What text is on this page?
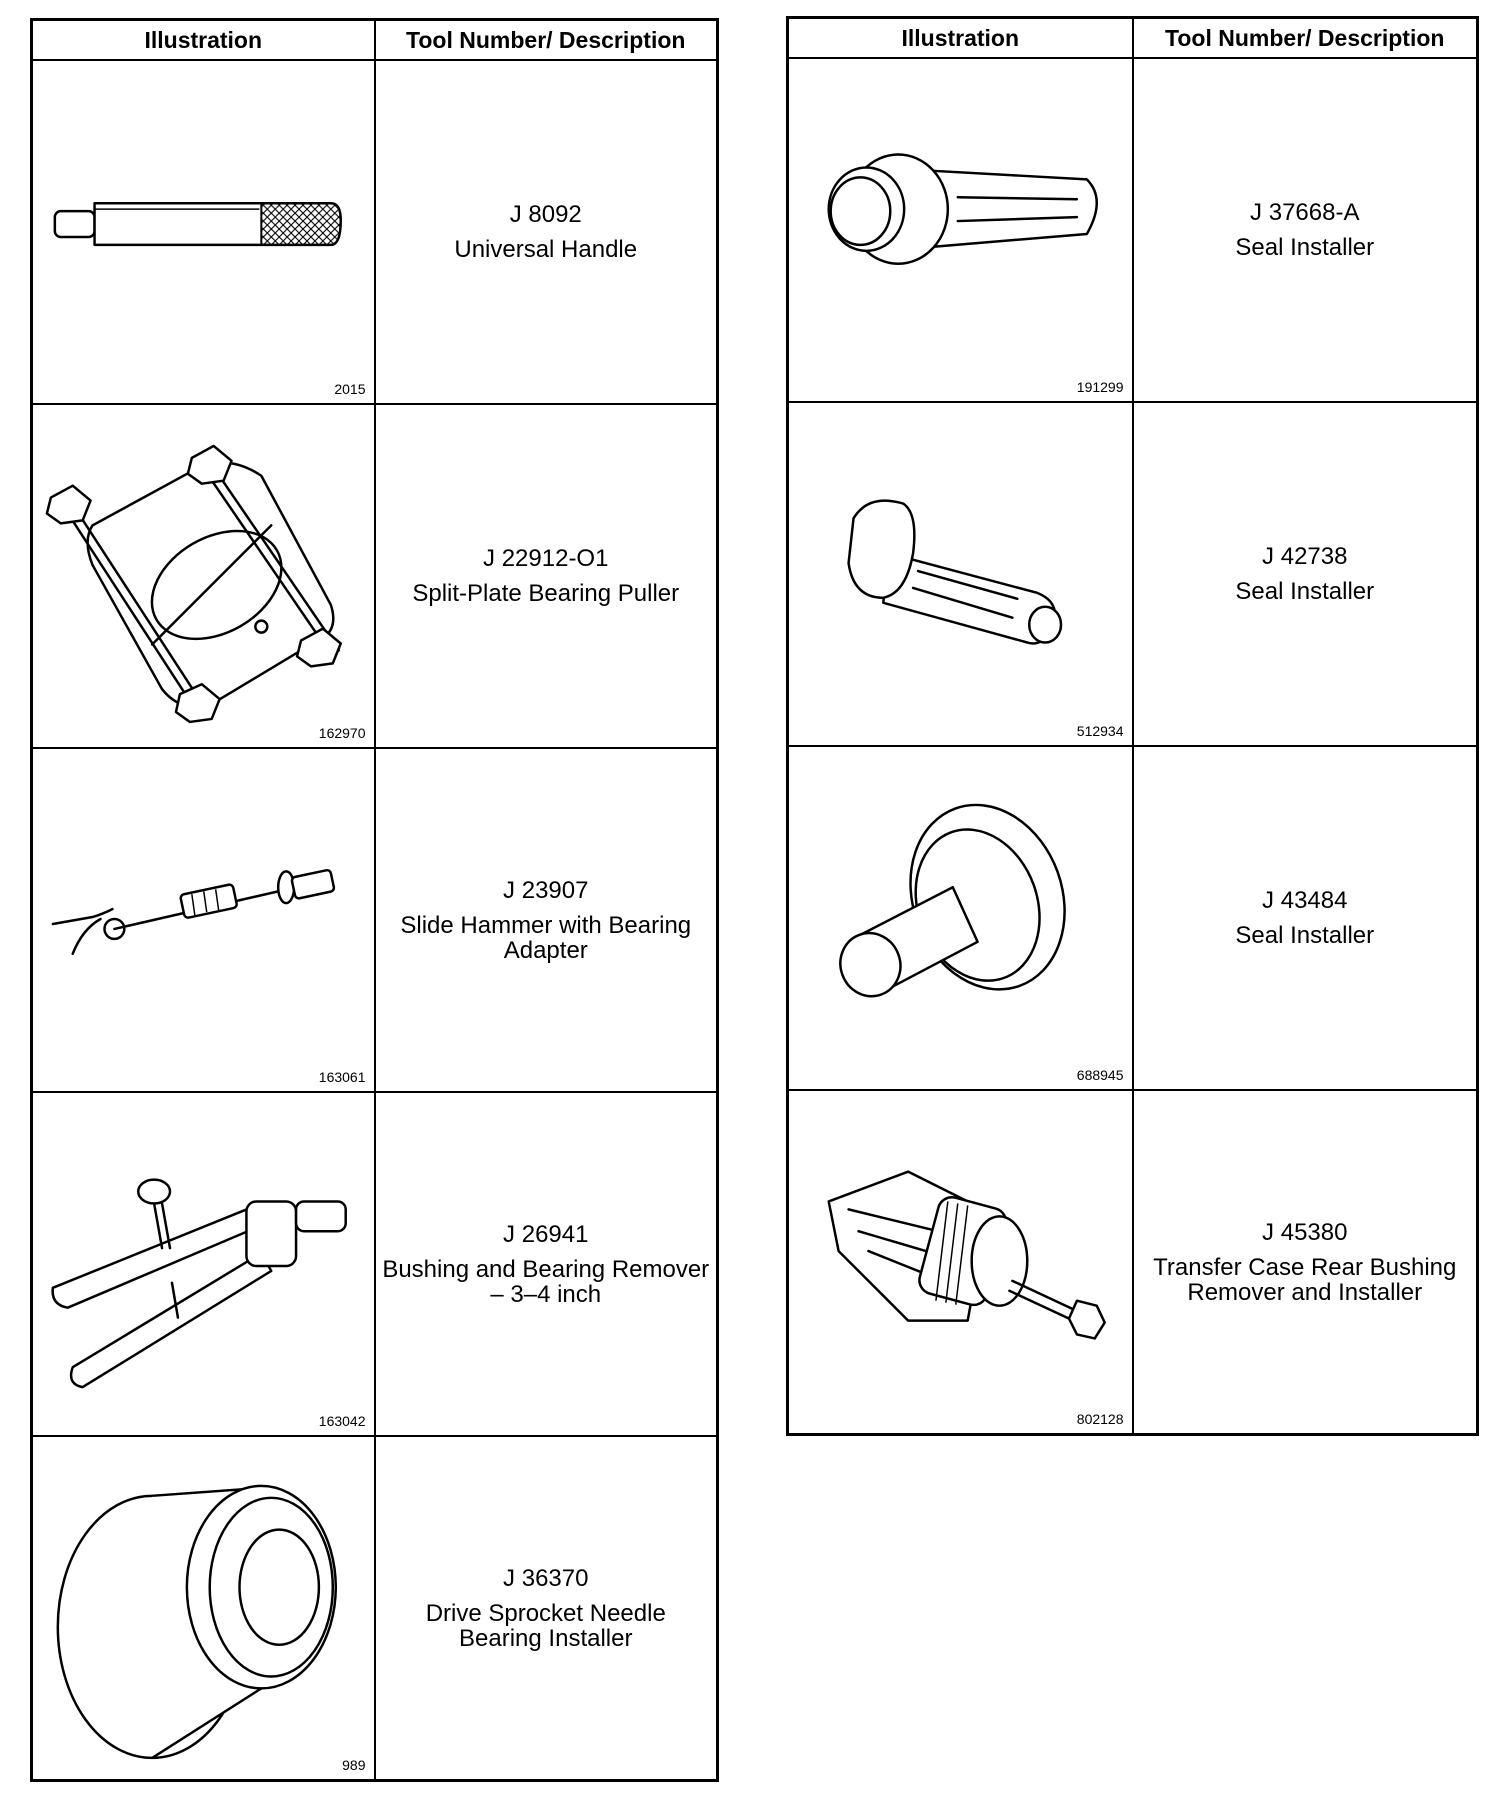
Illustration	Tool Number/ Description

2015	J 8092
Universal Handle

162970	J 22912-O1
Split-Plate Bearing Puller

163061	J 23907
Slide Hammer with Bearing Adapter

163042	J 26941
Bushing and Bearing Remover – 3–4 inch

989	J 36370
Drive Sprocket Needle Bearing Installer
Illustration	Tool Number/ Description

191299	J 37668-A
Seal Installer

512934	J 42738
Seal Installer

688945	J 43484
Seal Installer

802128	J 45380
Transfer Case Rear Bushing Remover and Installer
